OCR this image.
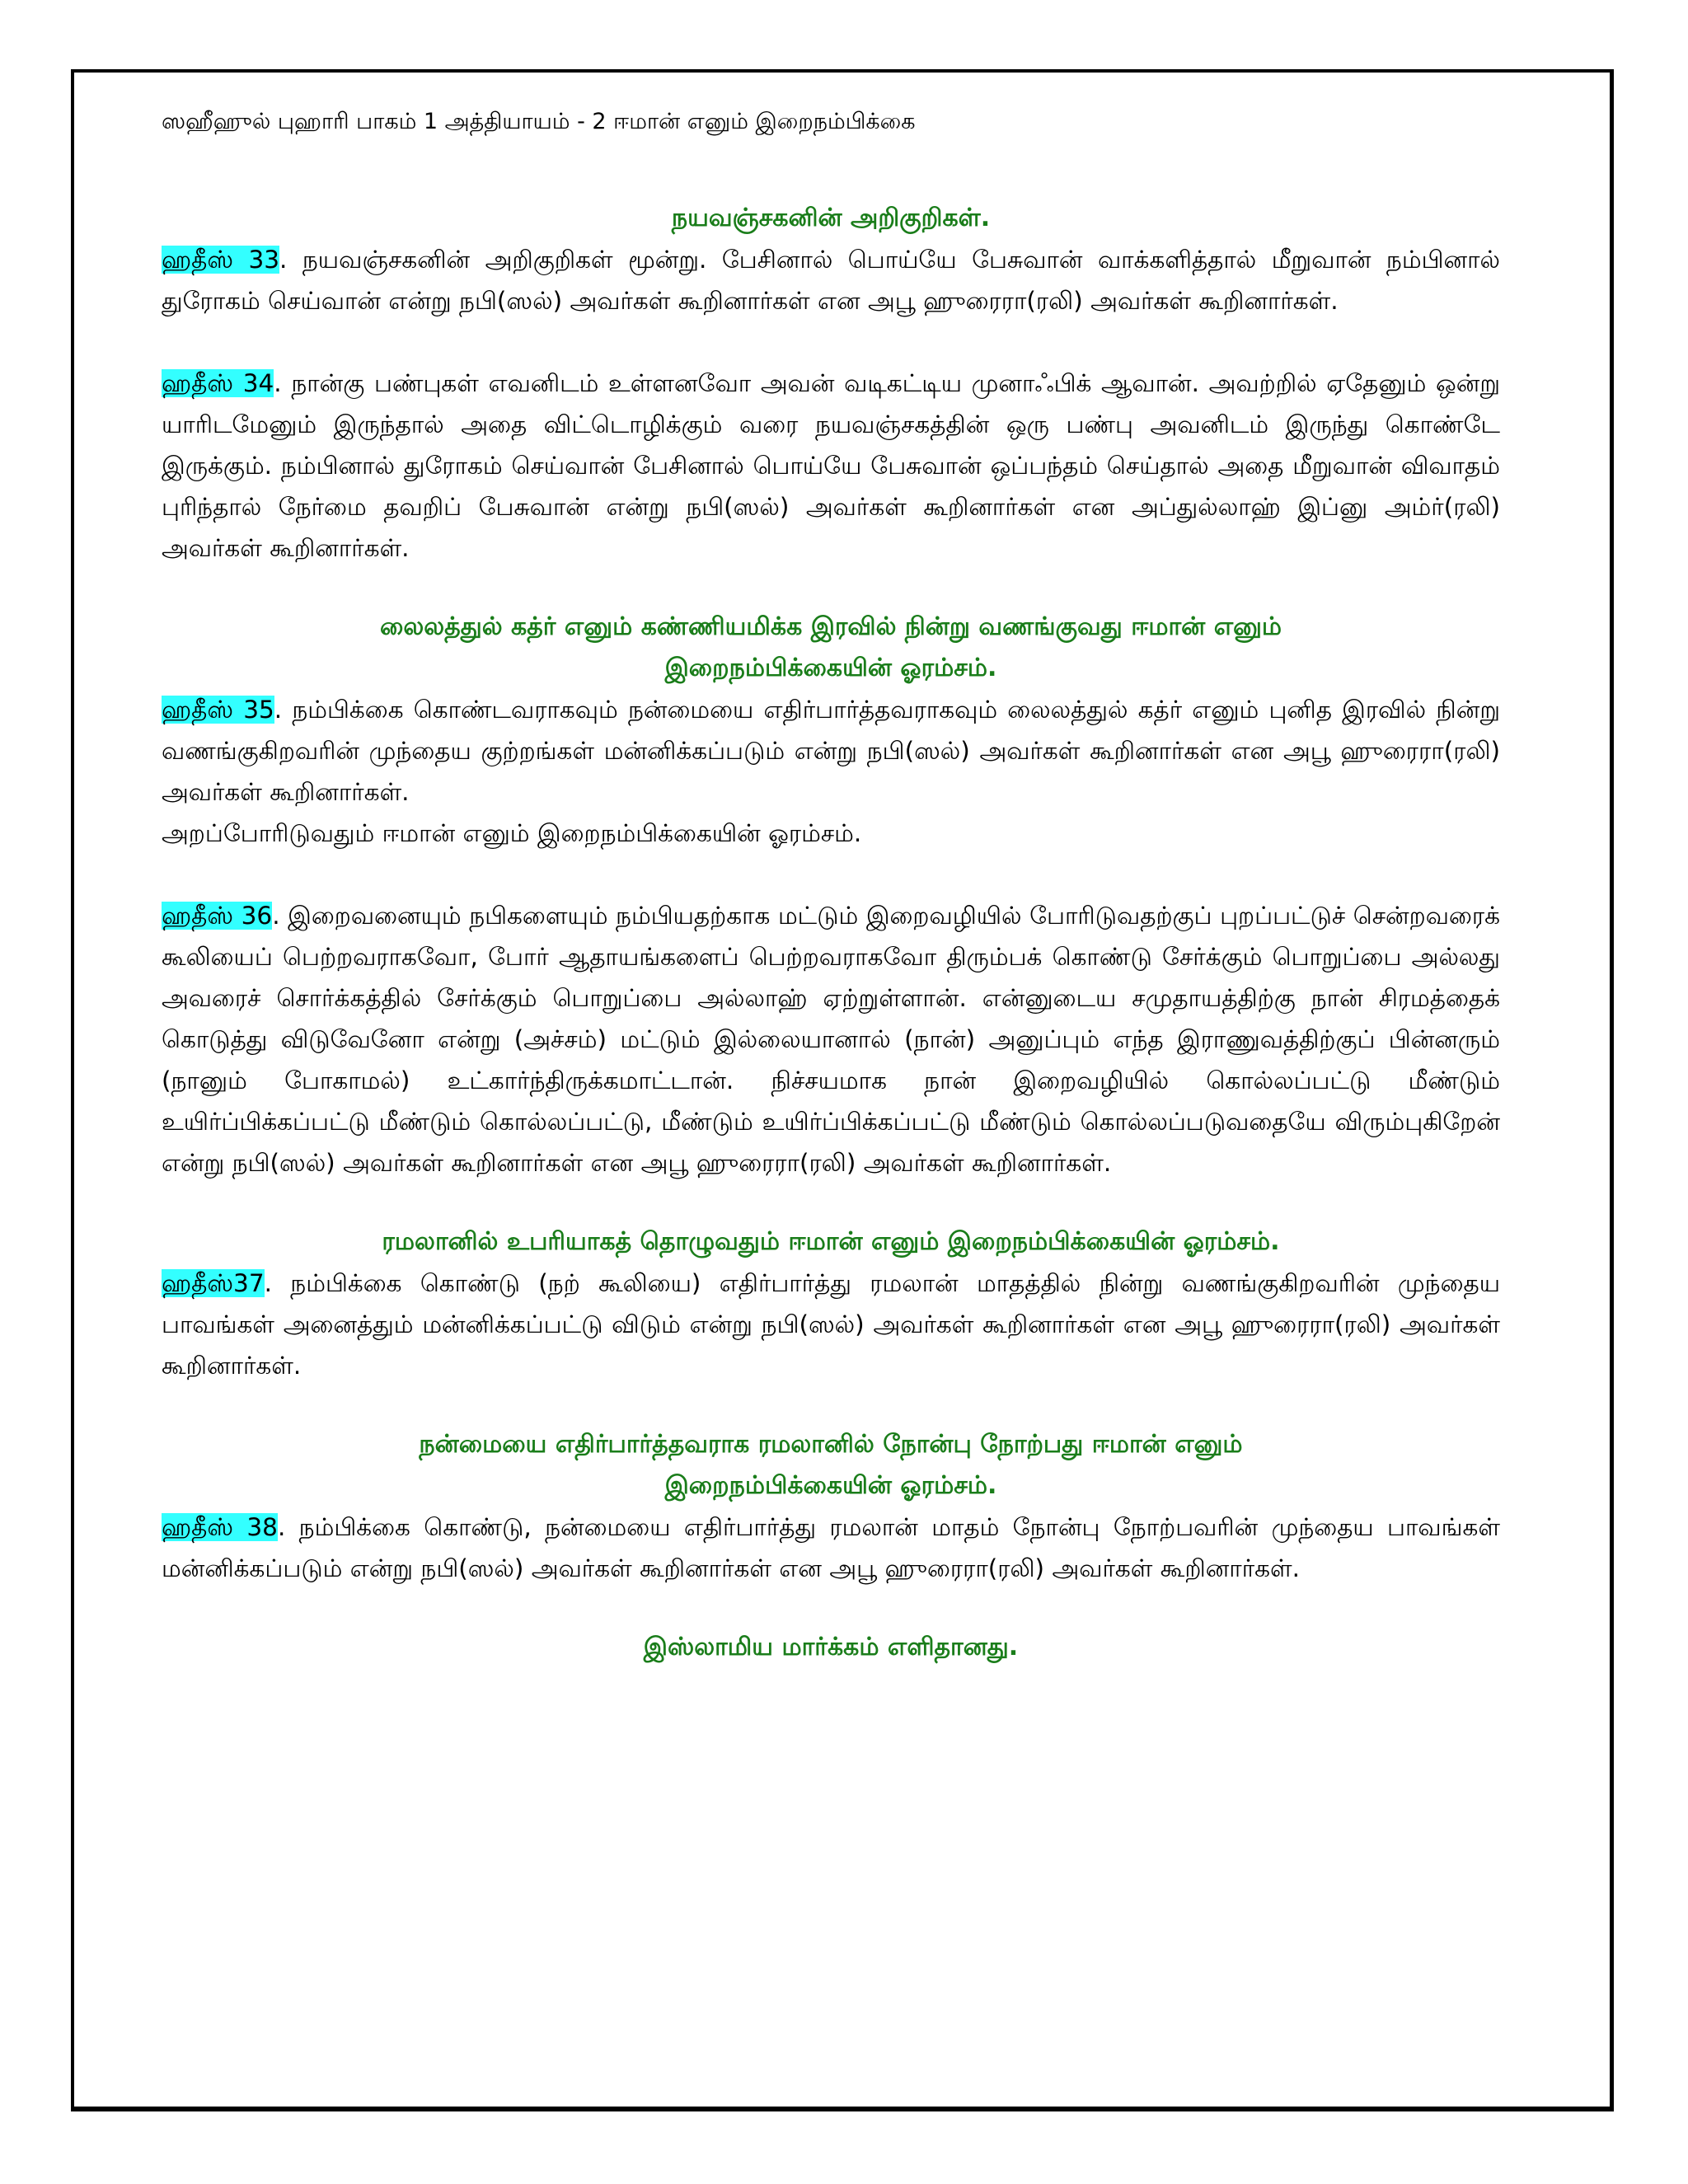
ஸஹீஹுல் புஹாரி பாகம் 1 அத்தியாயம் - 2 ஈமான் எனும் இறைநம்பிக்கை

நயவஞ்சகனின் அறிகுறிகள்.

ஹதீஸ் 33. நயவஞ்சகனின் அறிகுறிகள் மூன்று. பேசினால் பொய்யே பேசுவான் வாக்களித்தால் மீறுவான் நம்பினால் துரோகம் செய்வான் என்று நபி(ஸல்) அவர்கள் கூறினார்கள் என அபூ ஹுரைரா(ரலி) அவர்கள் கூறினார்கள்.

ஹதீஸ் 34. நான்கு பண்புகள் எவனிடம் உள்ளனவோ அவன் வடிகட்டிய முனாஃபிக் ஆவான். அவற்றில் ஏதேனும் ஒன்று யாரிடமேனும் இருந்தால் அதை விட்டொழிக்கும் வரை நயவஞ்சகத்தின் ஒரு பண்பு அவனிடம் இருந்து கொண்டே இருக்கும். நம்பினால் துரோகம் செய்வான் பேசினால் பொய்யே பேசுவான் ஒப்பந்தம் செய்தால் அதை மீறுவான் விவாதம் புரிந்தால் நேர்மை தவறிப் பேசுவான் என்று நபி(ஸல்) அவர்கள் கூறினார்கள் என அப்துல்லாஹ் இப்னு அம்ர்(ரலி) அவர்கள் கூறினார்கள்.

லைலத்துல் கத்ர் எனும் கண்ணியமிக்க இரவில் நின்று வணங்குவது ஈமான் எனும்

இறைநம்பிக்கையின் ஓரம்சம்.

ஹதீஸ் 35. நம்பிக்கை கொண்டவராகவும் நன்மையை எதிர்பார்த்தவராகவும் லைலத்துல் கத்ர் எனும் புனித இரவில் நின்று வணங்குகிறவரின் முந்தைய குற்றங்கள் மன்னிக்கப்படும் என்று நபி(ஸல்) அவர்கள் கூறினார்கள் என அபூ ஹுரைரா(ரலி) அவர்கள் கூறினார்கள்.

அறப்போரிடுவதும் ஈமான் எனும் இறைநம்பிக்கையின் ஓரம்சம்.

ஹதீஸ் 36. இறைவனையும் நபிகளையும் நம்பியதற்காக மட்டும் இறைவழியில் போரிடுவதற்குப் புறப்பட்டுச் சென்றவரைக் கூலியைப் பெற்றவராகவோ, போர் ஆதாயங்களைப் பெற்றவராகவோ திரும்பக் கொண்டு சேர்க்கும் பொறுப்பை அல்லது அவரைச் சொர்க்கத்தில் சேர்க்கும் பொறுப்பை அல்லாஹ் ஏற்றுள்ளான். என்னுடைய சமுதாயத்திற்கு நான் சிரமத்தைக் கொடுத்து விடுவேனோ என்று (அச்சம்) மட்டும் இல்லையானால் (நான்) அனுப்பும் எந்த இராணுவத்திற்குப் பின்னரும் (நானும் போகாமல்) உட்கார்ந்திருக்கமாட்டான். நிச்சயமாக நான் இறைவழியில் கொல்லப்பட்டு மீண்டும் உயிர்ப்பிக்கப்பட்டு மீண்டும் கொல்லப்பட்டு, மீண்டும் உயிர்ப்பிக்கப்பட்டு மீண்டும் கொல்லப்படுவதையே விரும்புகிறேன் என்று நபி(ஸல்) அவர்கள் கூறினார்கள் என அபூ ஹுரைரா(ரலி) அவர்கள் கூறினார்கள்.

ரமலானில் உபரியாகத் தொழுவதும் ஈமான் எனும் இறைநம்பிக்கையின் ஓரம்சம்.

ஹதீஸ்37. நம்பிக்கை கொண்டு (நற் கூலியை) எதிர்பார்த்து ரமலான் மாதத்தில் நின்று வணங்குகிறவரின் முந்தைய பாவங்கள் அனைத்தும் மன்னிக்கப்பட்டு விடும் என்று நபி(ஸல்) அவர்கள் கூறினார்கள் என அபூ ஹுரைரா(ரலி) அவர்கள் கூறினார்கள்.

நன்மையை எதிர்பார்த்தவராக ரமலானில் நோன்பு நோற்பது ஈமான் எனும்

இறைநம்பிக்கையின் ஓரம்சம்.

ஹதீஸ் 38. நம்பிக்கை கொண்டு, நன்மையை எதிர்பார்த்து ரமலான் மாதம் நோன்பு நோற்பவரின் முந்தைய பாவங்கள் மன்னிக்கப்படும் என்று நபி(ஸல்) அவர்கள் கூறினார்கள் என அபூ ஹுரைரா(ரலி) அவர்கள் கூறினார்கள்.

இஸ்லாமிய மார்க்கம் எளிதானது.
